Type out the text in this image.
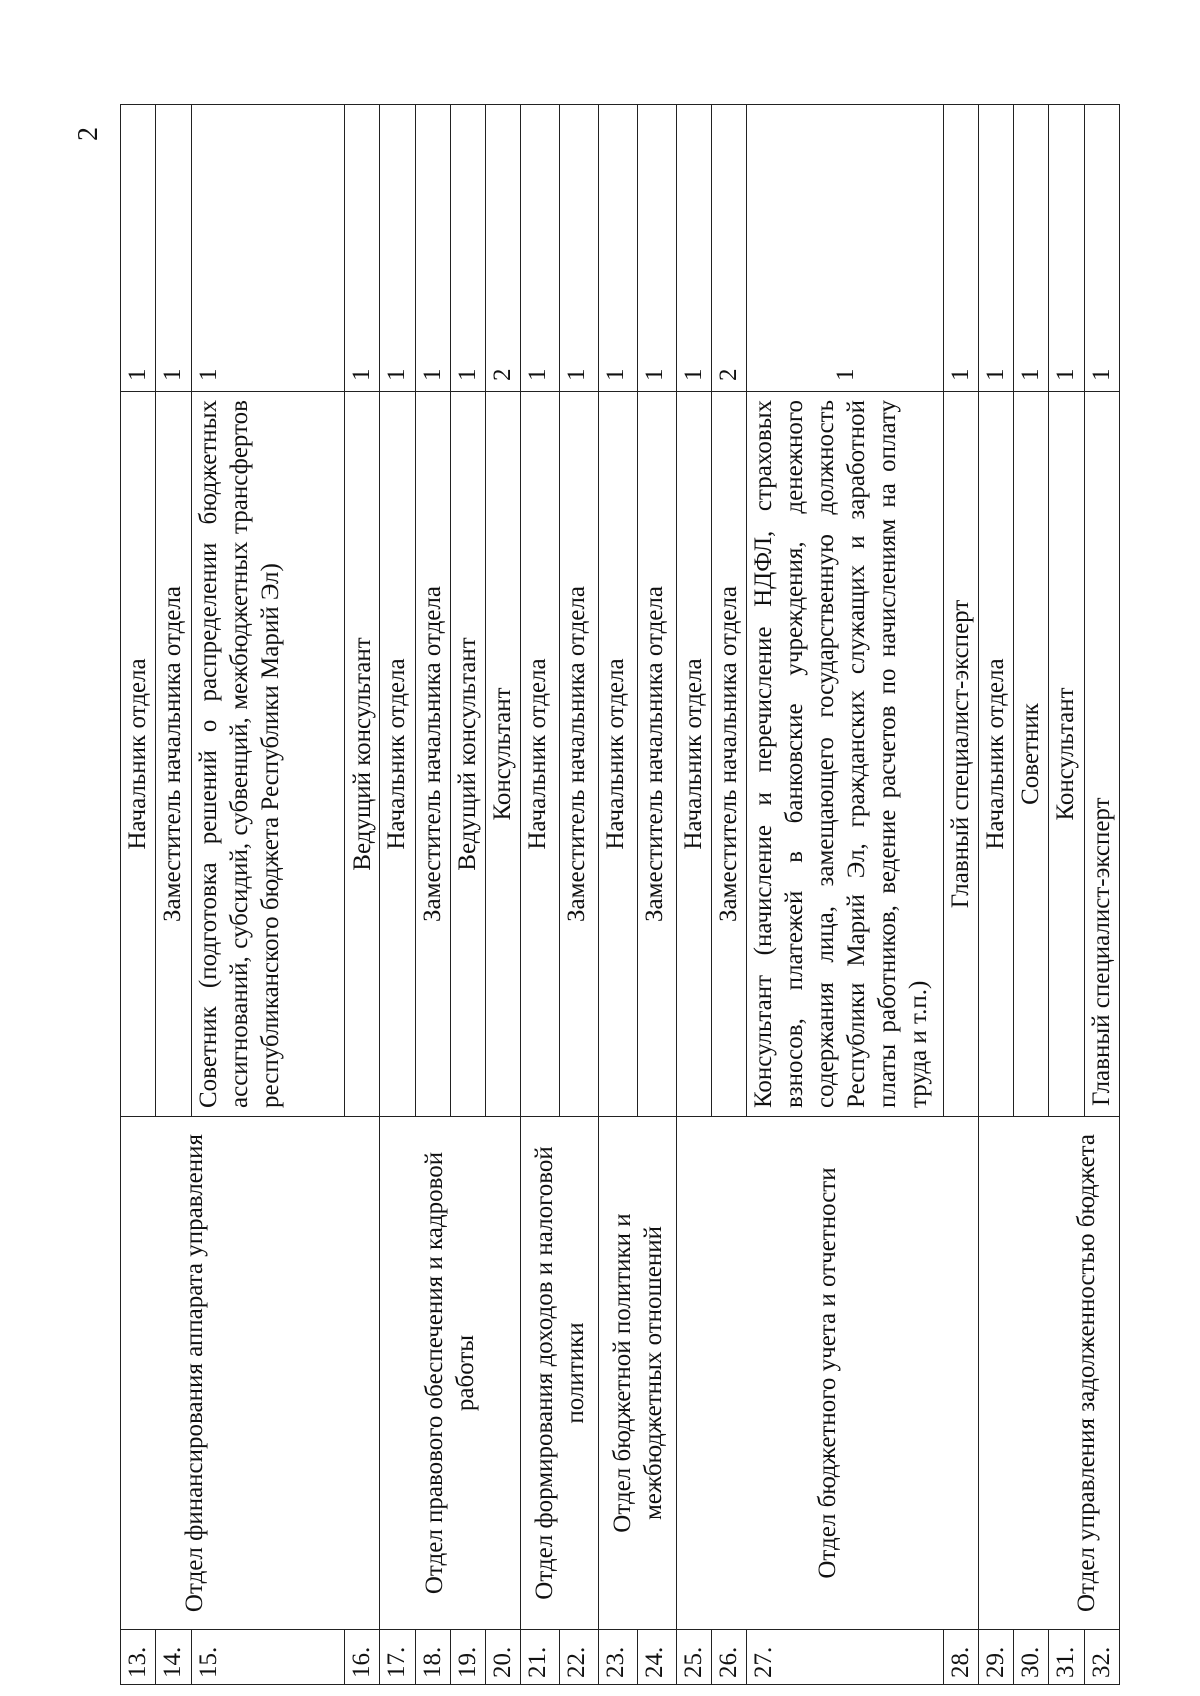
2
13.	Отдел финансирования аппарата управления	Начальник отдела	1
14.		Заместитель начальника отдела	1
15.		Советник (подготовка решений о распределении бюджетных ассигнований, субсидий, субвенций, межбюджетных трансфертов республиканского бюджета Республики Марий Эл)	1
16.		Ведущий консультант	1
17.	Отдел правового обеспечения и кадровой работы	Начальник отдела	1
18.		Заместитель начальника отдела	1
19.		Ведущий консультант	1
20.		Консультант	2
21.	Отдел формирования доходов и налоговой политики	Начальник отдела	1
22.		Заместитель начальника отдела	1
23.	Отдел бюджетной политики и межбюджетных отношений	Начальник отдела	1
24.		Заместитель начальника отдела	1
25.	Отдел бюджетного учета и отчетности	Начальник отдела	1
26.		Заместитель начальника отдела	2
27.		Консультант (начисление и перечисление НДФЛ, страховых взносов, платежей в банковские учреждения, денежного содержания лица, замещающего государственную должность Республики Марий Эл, гражданских служащих и заработной платы работников, ведение расчетов по начислениям на оплату труда и т.п.)	1
28.		Главный специалист-эксперт	1
29.	Отдел управления задолженностью бюджета	Начальник отдела	1
30.		Советник	1
31.		Консультант	1
32.		Главный специалист-эксперт	1
